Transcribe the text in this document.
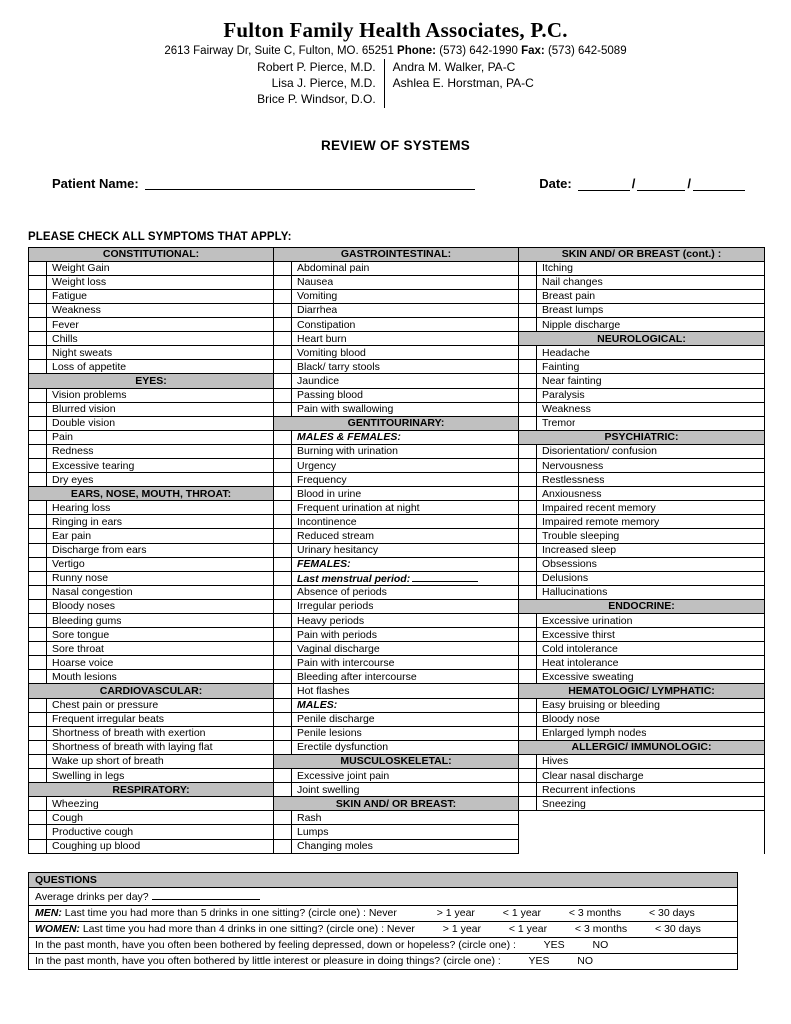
Fulton Family Health Associates, P.C.
2613 Fairway Dr, Suite C, Fulton, MO. 65251 Phone: (573) 642-1990 Fax: (573) 642-5089
Robert P. Pierce, M.D.
Lisa J. Pierce, M.D.
Brice P. Windsor, D.O.
Andra M. Walker, PA-C
Ashlea E. Horstman, PA-C
REVIEW OF SYSTEMS
Patient Name:	Date:	/	/
PLEASE CHECK ALL SYMPTOMS THAT APPLY:
CONSTITUTIONAL:
Weight Gain
Weight loss
Fatigue
Weakness
Fever
Chills
Night sweats
Loss of appetite
EYES:
Vision problems
Blurred vision
Double vision
Pain
Redness
Excessive tearing
Dry eyes
EARS, NOSE, MOUTH, THROAT:
Hearing loss
Ringing in ears
Ear pain
Discharge from ears
Vertigo
Runny nose
Nasal congestion
Bloody noses
Bleeding gums
Sore tongue
Sore throat
Hoarse voice
Mouth lesions
CARDIOVASCULAR:
Chest pain or pressure
Frequent irregular beats
Shortness of breath with exertion
Shortness of breath with laying flat
Wake up short of breath
Swelling in legs
RESPIRATORY:
Wheezing
Cough
Productive cough
Coughing up blood
GASTROINTESTINAL:
Abdominal pain
Nausea
Vomiting
Diarrhea
Constipation
Heart burn
Vomiting blood
Black/ tarry stools
Jaundice
Passing blood
Pain with swallowing
GENTITOURINARY:
MALES & FEMALES:
Burning with urination
Urgency
Frequency
Blood in urine
Frequent urination at night
Incontinence
Reduced stream
Urinary hesitancy
FEMALES:
Last menstrual period:
Absence of periods
Irregular periods
Heavy periods
Pain with periods
Vaginal discharge
Pain with intercourse
Bleeding after intercourse
Hot flashes
MALES:
Penile discharge
Penile lesions
Erectile dysfunction
MUSCULOSKELETAL:
Excessive joint pain
Joint swelling
SKIN AND/ OR BREAST:
Rash
Lumps
Changing moles
SKIN AND/ OR BREAST (cont.) :
Itching
Nail changes
Breast pain
Breast lumps
Nipple discharge
NEUROLOGICAL:
Headache
Fainting
Near fainting
Paralysis
Weakness
Tremor
PSYCHIATRIC:
Disorientation/ confusion
Nervousness
Restlessness
Anxiousness
Impaired recent memory
Impaired remote memory
Trouble sleeping
Increased sleep
Obsessions
Delusions
Hallucinations
ENDOCRINE:
Excessive urination
Excessive thirst
Cold intolerance
Heat intolerance
Excessive sweating
HEMATOLOGIC/ LYMPHATIC:
Easy bruising or bleeding
Bloody nose
Enlarged lymph nodes
ALLERGIC/ IMMUNOLOGIC:
Hives
Clear nasal discharge
Recurrent infections
Sneezing
QUESTIONS
Average drinks per day?
MEN: Last time you had more than 5 drinks in one sitting? (circle one) : Never	> 1 year	< 1 year	< 3 months	< 30 days
WOMEN: Last time you had more than 4 drinks in one sitting? (circle one) : Never	> 1 year	< 1 year	< 3 months	< 30 days
In the past month, have you often been bothered by feeling depressed, down or hopeless? (circle one) :	YES	NO
In the past month, have you often bothered by little interest or pleasure in doing things? (circle one) :	YES	NO
